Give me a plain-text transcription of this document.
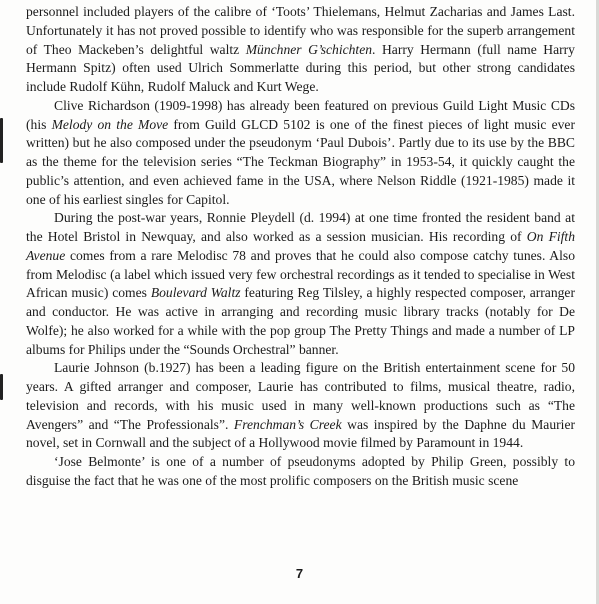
personnel included players of the calibre of ‘Toots’ Thielemans, Helmut Zacharias and James Last. Unfortunately it has not proved possible to identify who was responsible for the superb arrangement of Theo Mackeben’s delightful waltz Münchner G’schichten. Harry Hermann (full name Harry Hermann Spitz) often used Ulrich Sommerlatte during this period, but other strong candidates include Rudolf Kühn, Rudolf Maluck and Kurt Wege.

Clive Richardson (1909-1998) has already been featured on previous Guild Light Music CDs (his Melody on the Move from Guild GLCD 5102 is one of the finest pieces of light music ever written) but he also composed under the pseudonym ‘Paul Dubois’. Partly due to its use by the BBC as the theme for the television series “The Teckman Biography” in 1953-54, it quickly caught the public’s attention, and even achieved fame in the USA, where Nelson Riddle (1921-1985) made it one of his earliest singles for Capitol.

During the post-war years, Ronnie Pleydell (d. 1994) at one time fronted the resident band at the Hotel Bristol in Newquay, and also worked as a session musician. His recording of On Fifth Avenue comes from a rare Melodisc 78 and proves that he could also compose catchy tunes. Also from Melodisc (a label which issued very few orchestral recordings as it tended to specialise in West African music) comes Boulevard Waltz featuring Reg Tilsley, a highly respected composer, arranger and conductor. He was active in arranging and recording music library tracks (notably for De Wolfe); he also worked for a while with the pop group The Pretty Things and made a number of LP albums for Philips under the “Sounds Orchestral” banner.

Laurie Johnson (b.1927) has been a leading figure on the British entertainment scene for 50 years. A gifted arranger and composer, Laurie has contributed to films, musical theatre, radio, television and records, with his music used in many well-known productions such as “The Avengers” and “The Professionals”. Frenchman’s Creek was inspired by the Daphne du Maurier novel, set in Cornwall and the subject of a Hollywood movie filmed by Paramount in 1944.

‘Jose Belmonte’ is one of a number of pseudonyms adopted by Philip Green, possibly to disguise the fact that he was one of the most prolific composers on the British music scene

7
